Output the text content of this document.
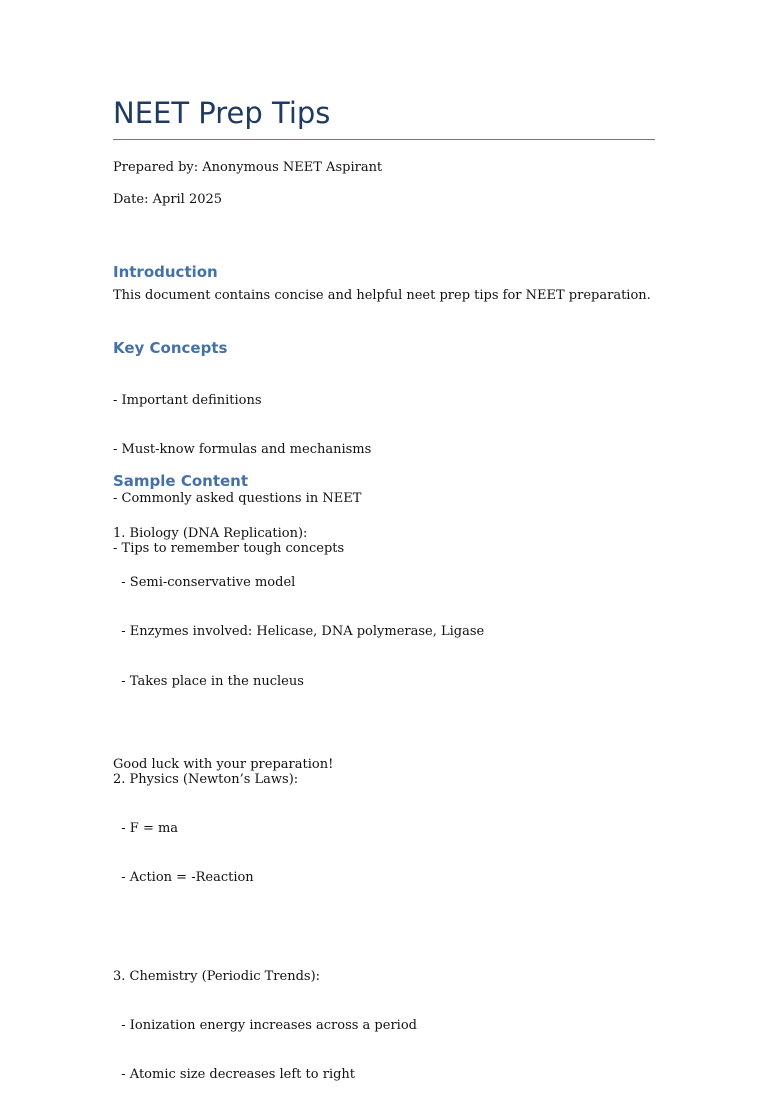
NEET Prep Tips

Prepared by: Anonymous NEET Aspirant

Date: April 2025

Introduction

This document contains concise and helpful neet prep tips for NEET preparation.

Key Concepts

- Important definitions

- Must-know formulas and mechanisms

- Commonly asked questions in NEET

- Tips to remember tough concepts

Sample Content

1. Biology (DNA Replication):

- Semi-conservative model

- Enzymes involved: Helicase, DNA polymerase, Ligase

- Takes place in the nucleus

2. Physics (Newton’s Laws):

- F = ma

- Action = -Reaction

3. Chemistry (Periodic Trends):

- Ionization energy increases across a period

- Atomic size decreases left to right

Good luck with your preparation!
